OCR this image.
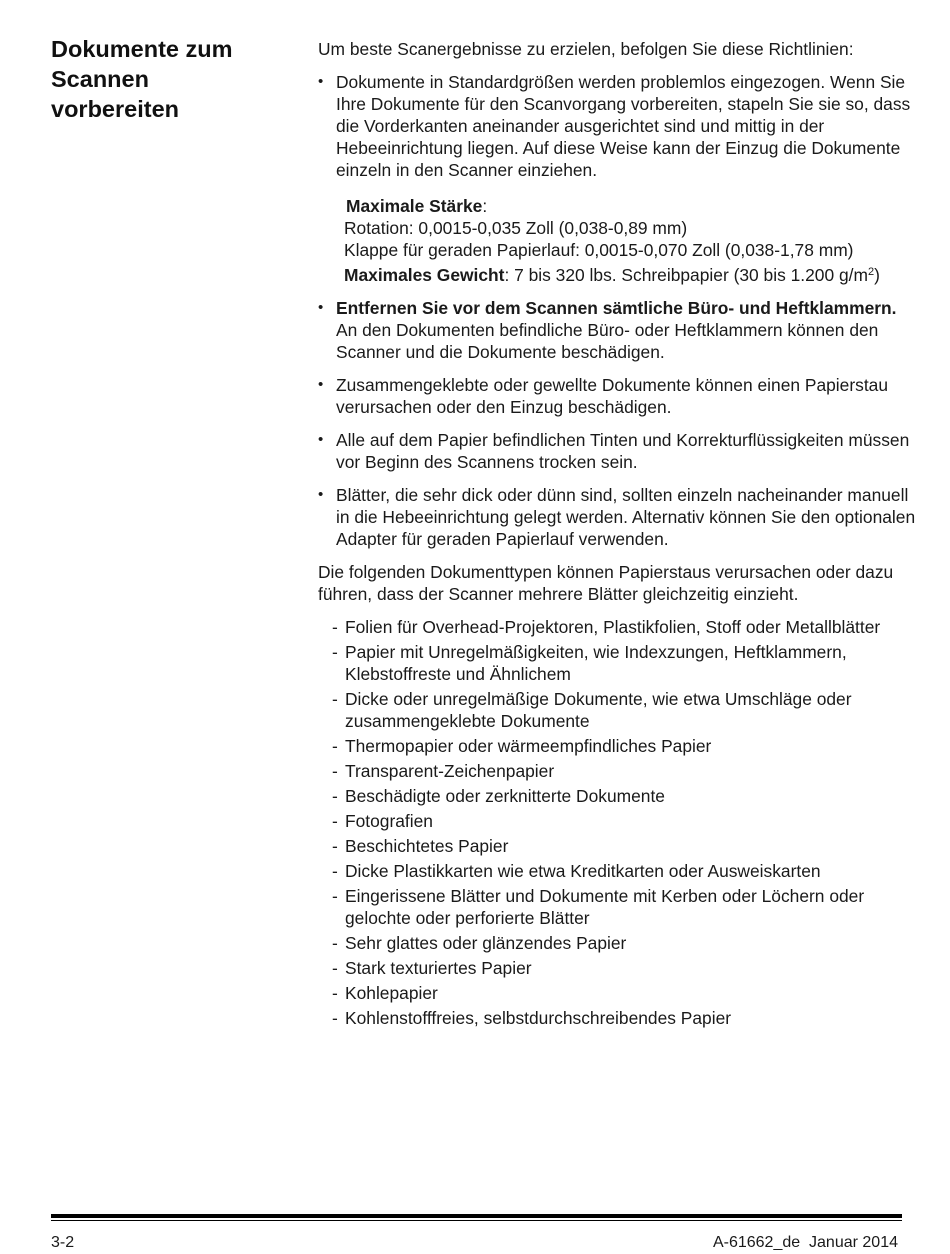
Dokumente zum
Scannen
vorbereiten

Um beste Scanergebnisse zu erzielen, befolgen Sie diese Richtlinien:

• Dokumente in Standardgrößen werden problemlos eingezogen. Wenn Sie Ihre Dokumente für den Scanvorgang vorbereiten, stapeln Sie sie so, dass die Vorderkanten aneinander ausgerichtet sind und mittig in der Hebeeinrichtung liegen. Auf diese Weise kann der Einzug die Dokumente einzeln in den Scanner einziehen.
Maximale Stärke:
Rotation: 0,0015-0,035 Zoll (0,038-0,89 mm)
Klappe für geraden Papierlauf: 0,0015-0,070 Zoll (0,038-1,78 mm)
Maximales Gewicht: 7 bis 320 lbs. Schreibpapier (30 bis 1.200 $g/m^2$)
• Entfernen Sie vor dem Scannen sämtliche Büro- und Heftklammern. An den Dokumenten befindliche Büro- oder Heftklammern können den Scanner und die Dokumente beschädigen.
• Zusammengeklebte oder gewellte Dokumente können einen Papierstau verursachen oder den Einzug beschädigen.
• Alle auf dem Papier befindlichen Tinten und Korrekturflüssigkeiten müssen vor Beginn des Scannens trocken sein.
• Blätter, die sehr dick oder dünn sind, sollten einzeln nacheinander manuell in die Hebeeinrichtung gelegt werden. Alternativ können Sie den optionalen Adapter für geraden Papierlauf verwenden.

Die folgenden Dokumenttypen können Papierstaus verursachen oder dazu führen, dass der Scanner mehrere Blätter gleichzeitig einzieht.

- Folien für Overhead-Projektoren, Plastikfolien, Stoff oder Metallblätter
- Papier mit Unregelmäßigkeiten, wie Indexzungen, Heftklammern, Klebstoffreste und Ähnlichem
- Dicke oder unregelmäßige Dokumente, wie etwa Umschläge oder zusammengeklebte Dokumente
- Thermopapier oder wärmeempfindliches Papier
- Transparent-Zeichenpapier
- Beschädigte oder zerknitterte Dokumente
- Fotografien
- Beschichtetes Papier
- Dicke Plastikkarten wie etwa Kreditkarten oder Ausweiskarten
- Eingerissene Blätter und Dokumente mit Kerben oder Löchern oder gelochte oder perforierte Blätter
- Sehr glattes oder glänzendes Papier
- Stark texturiertes Papier
- Kohlepapier
- Kohlenstofffreies, selbstdurchschreibendes Papier

3-2	A-61662_de  Januar 2014
